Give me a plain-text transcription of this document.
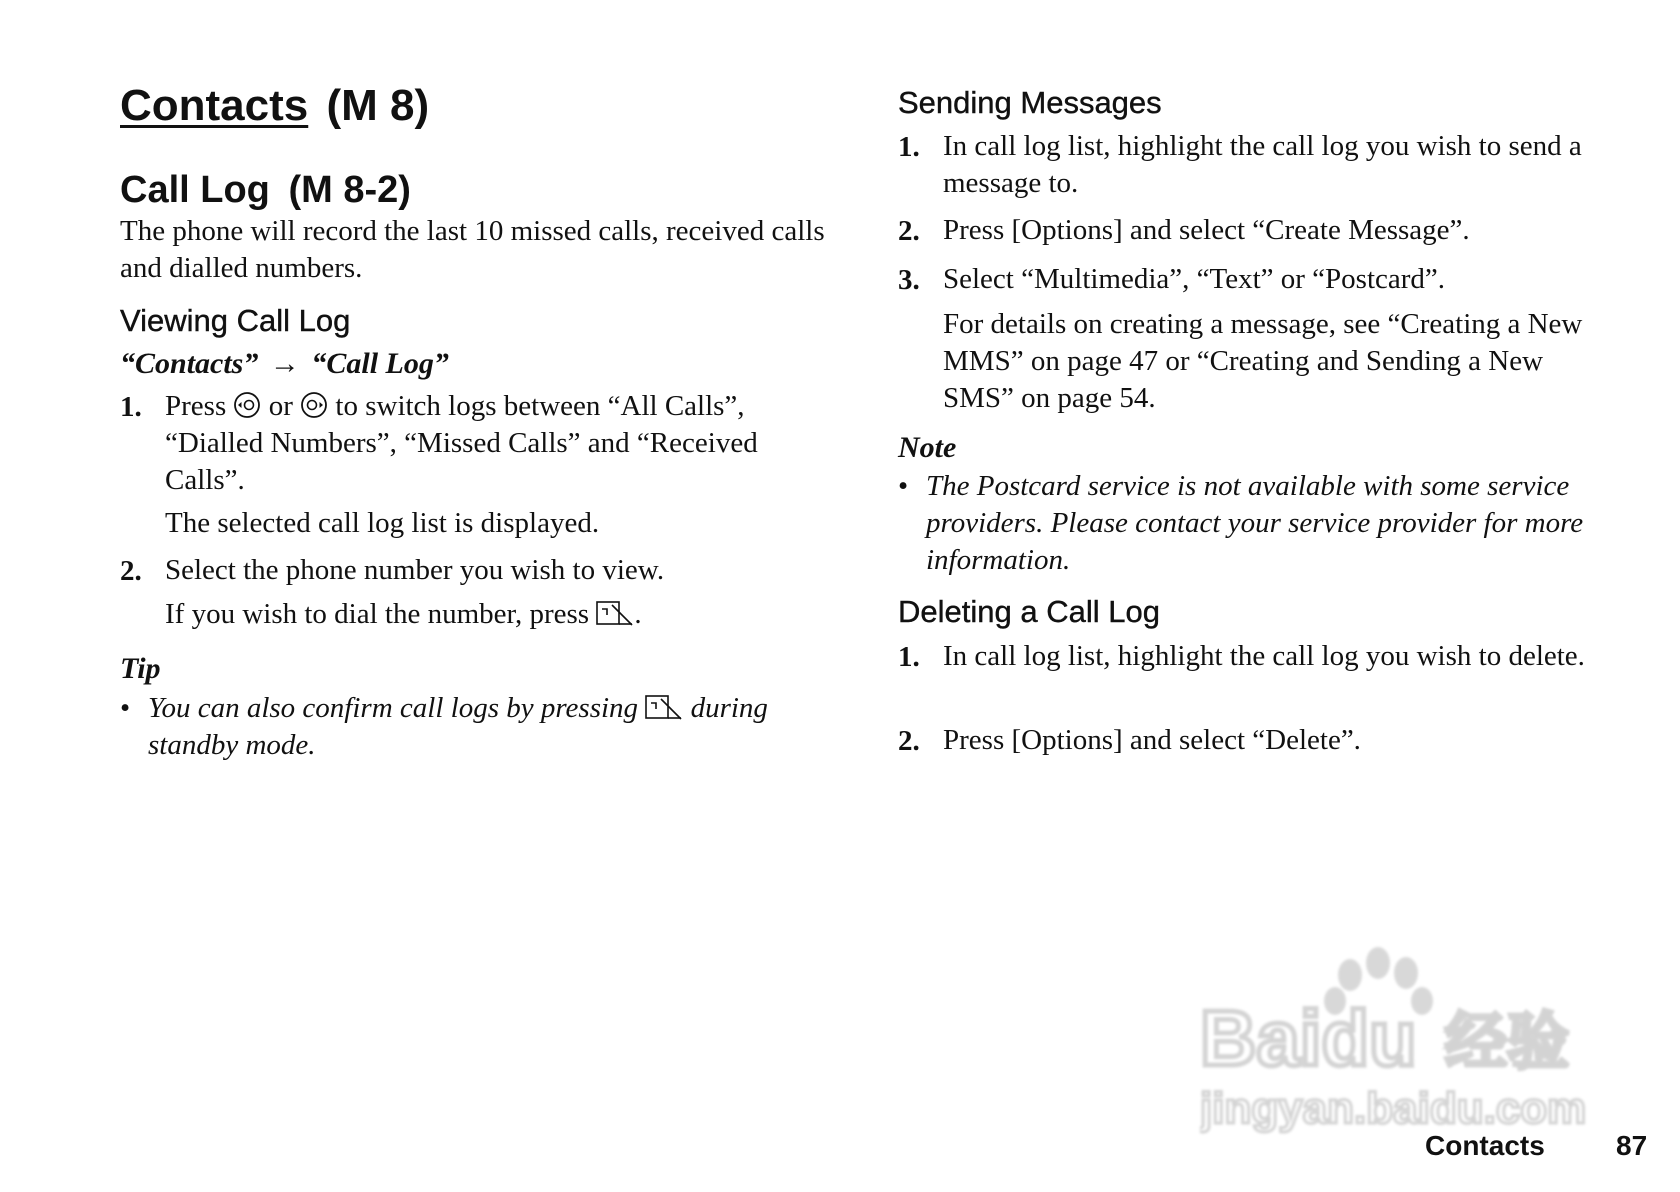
Contacts (M 8)
Call Log (M 8-2)
The phone will record the last 10 missed calls, received calls and dialled numbers.
Viewing Call Log
“Contacts” → “Call Log”
1. Press or to switch logs between “All Calls”, “Dialled Numbers”, “Missed Calls” and “Received Calls”.
The selected call log list is displayed.
2. Select the phone number you wish to view.
If you wish to dial the number, press .
Tip
• You can also confirm call logs by pressing during standby mode.
Sending Messages
1. In call log list, highlight the call log you wish to send a message to.
2. Press [Options] and select “Create Message”.
3. Select “Multimedia”, “Text” or “Postcard”.
For details on creating a message, see “Creating a New MMS” on page 47 or “Creating and Sending a New SMS” on page 54.
Note
• The Postcard service is not available with some service providers. Please contact your service provider for more information.
Deleting a Call Log
1. In call log list, highlight the call log you wish to delete.
2. Press [Options] and select “Delete”.
Baidu 经验
jingyan.baidu.com
Contacts	87
